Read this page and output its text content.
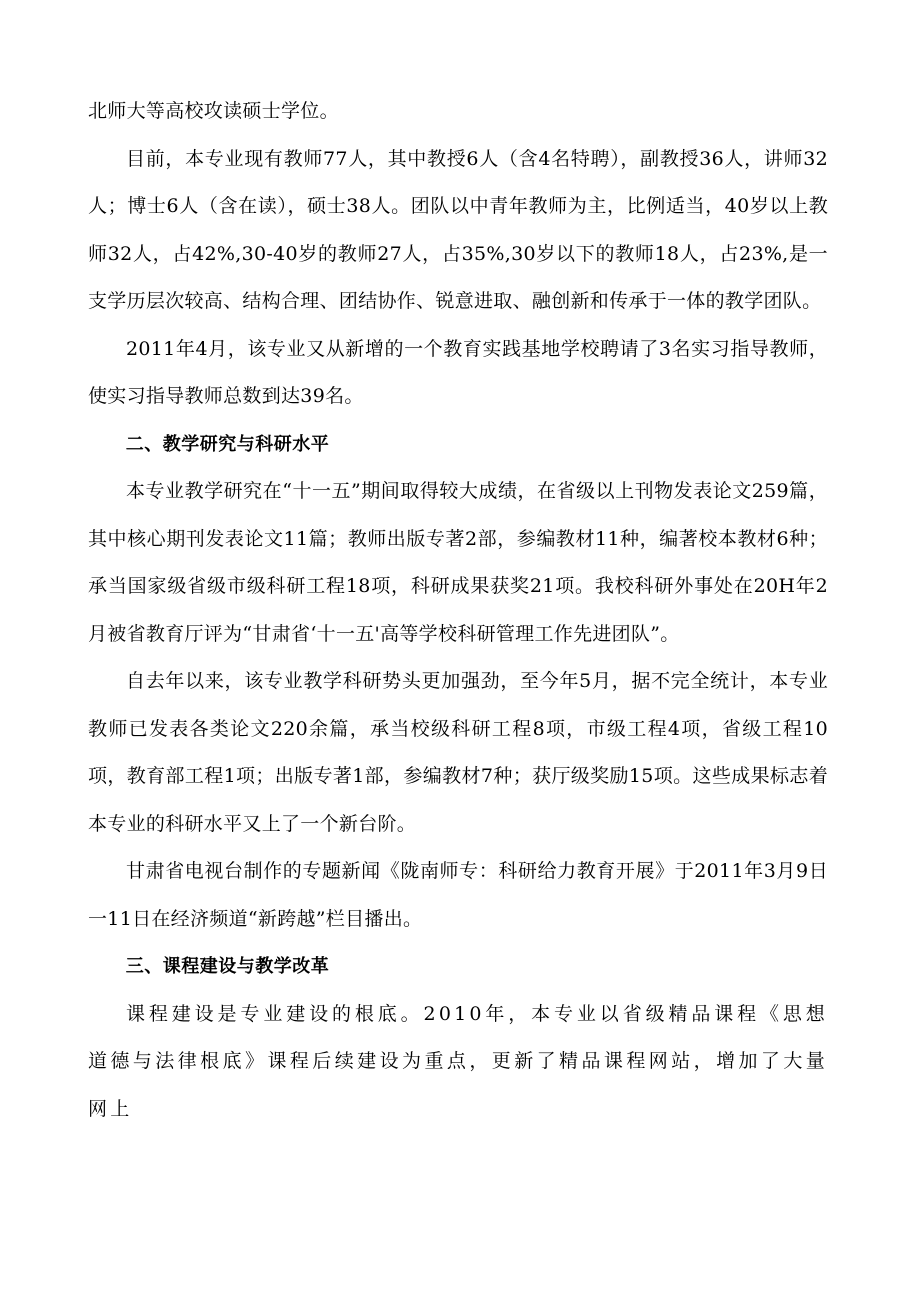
北师大等高校攻读硕士学位。

目前，本专业现有教师77人，其中教授6人（含4名特聘），副教授36人，讲师32人；博士6人（含在读），硕士38人。团队以中青年教师为主，比例适当，40岁以上教师32人，占42%,30-40岁的教师27人，占35%,30岁以下的教师18人，占23%,是一支学历层次较高、结构合理、团结协作、锐意进取、融创新和传承于一体的教学团队。

2011年4月，该专业又从新增的一个教育实践基地学校聘请了3名实习指导教师，使实习指导教师总数到达39名。

二、教学研究与科研水平

本专业教学研究在“十一五”期间取得较大成绩，在省级以上刊物发表论文259篇，其中核心期刊发表论文11篇；教师出版专著2部，参编教材11种，编著校本教材6种；承当国家级省级市级科研工程18项，科研成果获奖21项。我校科研外事处在20H年2月被省教育厅评为“甘肃省‘十一五'高等学校科研管理工作先进团队”。

自去年以来，该专业教学科研势头更加强劲，至今年5月，据不完全统计，本专业教师已发表各类论文220余篇，承当校级科研工程8项，市级工程4项，省级工程10项，教育部工程1项；出版专著1部，参编教材7种；获厅级奖励15项。这些成果标志着本专业的科研水平又上了一个新台阶。

甘肃省电视台制作的专题新闻《陇南师专：科研给力教育开展》于2011年3月9日一11日在经济频道“新跨越”栏目播出。

三、课程建设与教学改革

课程建设是专业建设的根底。2010年，本专业以省级精品课程《思想道德与法律根底》课程后续建设为重点，更新了精品课程网站，增加了大量网上
